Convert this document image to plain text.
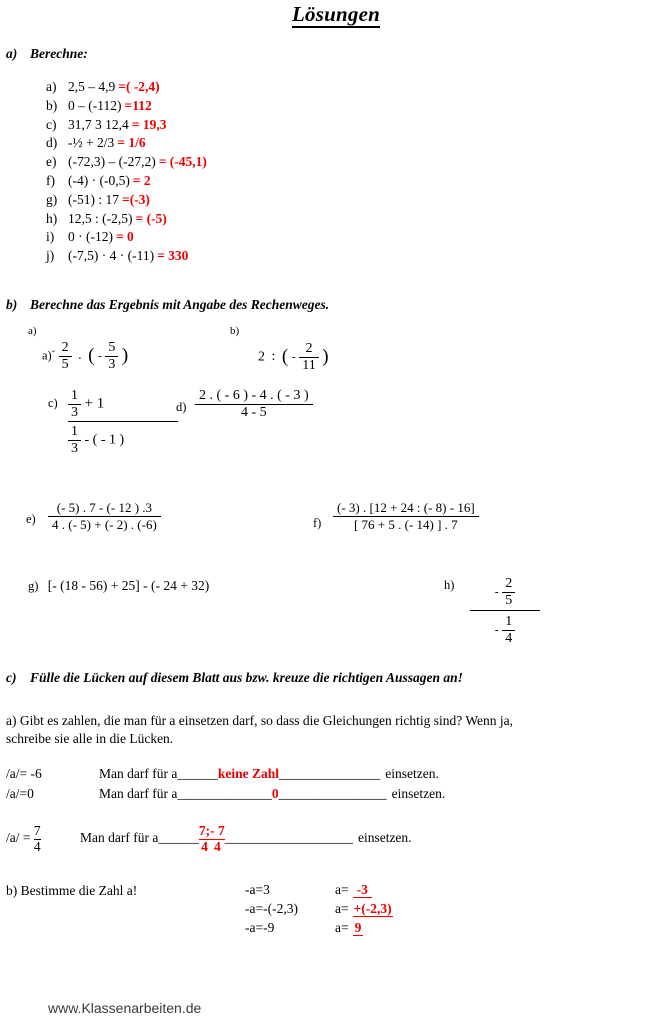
Lösungen
a) Berechne:
a) 2,5 – 4,9 =( -2,4)
b) 0 – (-112) =112
c) 31,7 3 12,4 = 19,3
d) -½ + 2/3 = 1/6
e) (-72,3) – (-27,2) = (-45,1)
f) (-4) · (-0,5) = 2
g) (-51) : 17 =(-3)
h) 12,5 : (-2,5) = (-5)
i) 0 · (-12) = 0
j) (-7,5) · 4 · (-11) = 330
b) Berechne das Ergebnis mit Angabe des Rechenweges.
$^{a)}$
$a)^- \frac{2}{5}$ . ( - $\frac{5}{3}$ )
$^{b)}$
2 : ( - $\frac{2}{11}$ )
$c) \frac{\frac{1}{3} + 1}{\frac{1}{3} - ( - 1 )}$
$d) \frac{2 . ( - 6 ) - 4 . ( - 3 )}{4 - 5}$
$e) \frac{(- 5) . 7 - (- 12 ) .3}{4 . (- 5) + (- 2) . (-6)}$	$f) \frac{(- 3) . [12 + 24 : (- 8) - 16]}{[ 76 + 5 . (- 14) ] . 7}$
g) [- (18 - 56) + 25] - (- 24 + 32)	$h) \frac{- \frac{2}{5}}{- \frac{1}{4}}$
c) Fülle die Lücken auf diesem Blatt aus bzw. kreuze die richtigen Aussagen an!
a) Gibt es zahlen, die man für a einsetzen darf, so dass die Gleichungen richtig sind? Wenn ja,
schreibe sie alle in die Lücken.
/a/= -6	Man darf für a______keine Zahl_______________ einsetzen.
/a/=0	Man darf für a______________0________________ einsetzen.
$/a/ = \frac{7}{4}$	Man darf für a______ $\frac{7;}{4} \frac{- 7}{4}$ ___________________ einsetzen.
b) Bestimme die Zahl a!	-a=3	a= -3
-a=-(-2,3)	a= +(-2,3)
-a=-9	a= 9
www.Klassenarbeiten.de
